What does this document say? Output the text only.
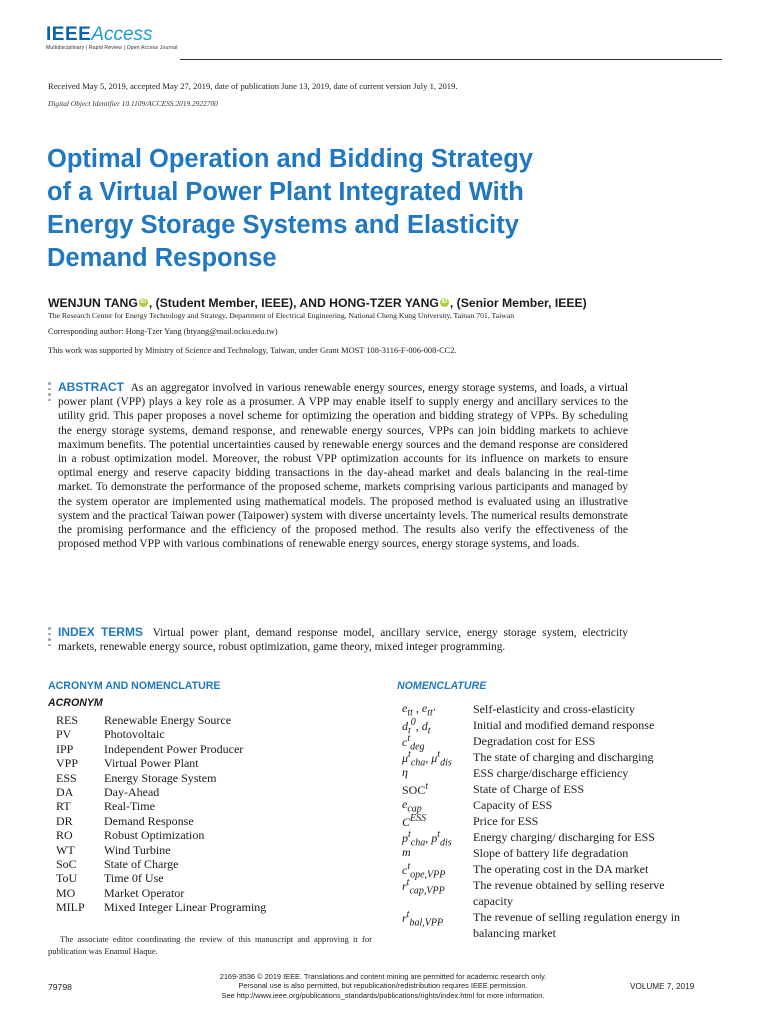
IEEEAccess
Multidisciplinary | Rapid Review | Open Access Journal
Received May 5, 2019, accepted May 27, 2019, date of publication June 13, 2019, date of current version July 1, 2019.
Digital Object Identifier 10.1109/ACCESS.2019.2922700
Optimal Operation and Bidding Strategy
of a Virtual Power Plant Integrated With
Energy Storage Systems and Elasticity
Demand Response
WENJUN TANG iD , (Student Member, IEEE), AND HONG-TZER YANG iD , (Senior Member, IEEE)
The Research Center for Energy Technology and Strategy, Department of Electrical Engineering, National Cheng Kung University, Tainan 701, Taiwan
Corresponding author: Hong-Tzer Yang (htyang@mail.ncku.edu.tw)
This work was supported by Ministry of Science and Technology, Taiwan, under Grant MOST 108-3116-F-006-008-CC2.
ABSTRACT As an aggregator involved in various renewable energy sources, energy storage systems, and loads, a virtual power plant (VPP) plays a key role as a prosumer. A VPP may enable itself to supply energy and ancillary services to the utility grid. This paper proposes a novel scheme for optimizing the operation and bidding strategy of VPPs. By scheduling the energy storage systems, demand response, and renewable energy sources, VPPs can join bidding markets to achieve maximum benefits. The potential uncertainties caused by renewable energy sources and the demand response are considered in a robust optimization model. Moreover, the robust VPP optimization accounts for its influence on markets to ensure optimal energy and reserve capacity bidding transactions in the day-ahead market and deals balancing in the real-time market. To demonstrate the performance of the proposed scheme, markets comprising various participants and managed by the system operator are implemented using mathematical models. The proposed method is evaluated using an illustrative system and the practical Taiwan power (Taipower) system with diverse uncertainty levels. The numerical results demonstrate the promising performance and the efficiency of the proposed method. The results also verify the effectiveness of the proposed method VPP with various combinations of renewable energy sources, energy storage systems, and loads.
INDEX TERMS Virtual power plant, demand response model, ancillary service, energy storage system, electricity markets, renewable energy source, robust optimization, game theory, mixed integer programming.
ACRONYM AND NOMENCLATURE
ACRONYM
RES	Renewable Energy Source
PV	Photovoltaic
IPP	Independent Power Producer
VPP	Virtual Power Plant
ESS	Energy Storage System
DA	Day-Ahead
RT	Real-Time
DR	Demand Response
RO	Robust Optimization
WT	Wind Turbine
SoC	State of Charge
ToU	Time 0f Use
MO	Market Operator
MILP	Mixed Integer Linear Programing
The associate editor coordinating the review of this manuscript and approving it for publication was Enamul Haque.
NOMENCLATURE
$e_{tt}$ , $e_{tt'}$	Self-elasticity and cross-elasticity
$d_t^0$, $d_t$	Initial and modified demand response
$c^t_{deg}$	Degradation cost for ESS
$\mu^t_{cha}$, $\mu^t_{dis}$	The state of charging and discharging
η	ESS charge/discharge efficiency
SOC$^t$	State of Charge of ESS
$e_{cap}$	Capacity of ESS
$C^{ESS}$	Price for ESS
$p^t_{cha}$, $p^t_{dis}$	Energy charging/ discharging for ESS
m	Slope of battery life degradation
$c^t_{ope,VPP}$	The operating cost in the DA market
$r^t_{cap,VPP}$	The revenue obtained by selling reserve capacity
$r^t_{bal,VPP}$	The revenue of selling regulation energy in balancing market
79798
2169-3536 © 2019 IEEE. Translations and content mining are permitted for academic research only.
Personal use is also permitted, but republication/redistribution requires IEEE permission.
See http://www.ieee.org/publications_standards/publications/rights/index.html for more information.
VOLUME 7, 2019
